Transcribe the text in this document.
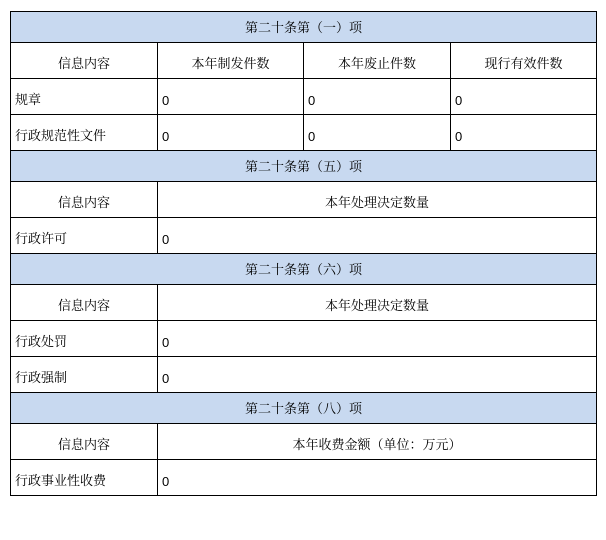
第二十条第（一）项			
信息内容	本年制发件数	本年废止件数	现行有效件数
规章	0	0	0
行政规范性文件	0	0	0
第二十条第（五）项			
信息内容	本年处理决定数量		
行政许可	0		
第二十条第（六）项			
信息内容	本年处理决定数量		
行政处罚	0		
行政强制	0		
第二十条第（八）项			
信息内容	本年收费金额（单位：万元）		
行政事业性收费	0		
